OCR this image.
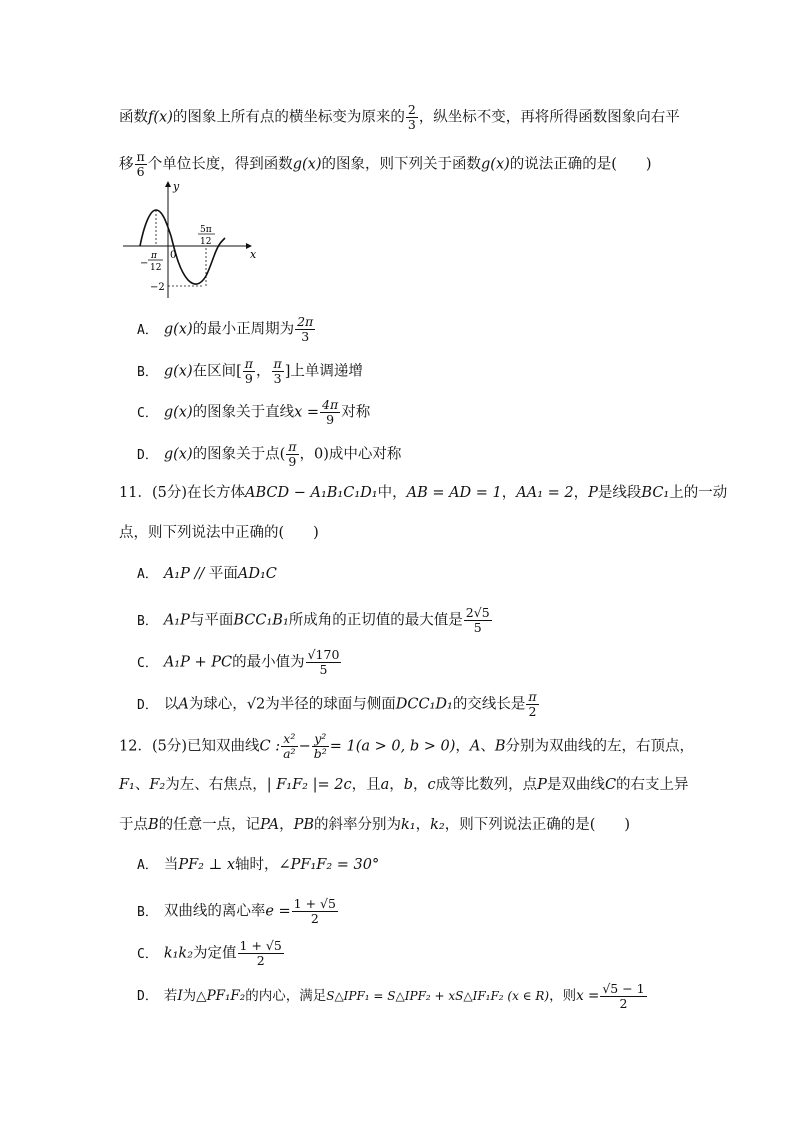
函数f(x)的图象上所有点的横坐标变为原来的 $\frac{2}{3}$ ，纵坐标不变，再将所得函数图象向右平
移 $\frac{\pi}{6}$ 个单位长度，得到函数g(x)的图象，则下列关于函数g(x)的说法正确的是(　　)
y
x
0
−
π
12
5π
12
−2
A． g(x)的最小正周期为 $\frac{2\pi}{3}$
B． g(x)在区间[ $\frac{\pi}{9}$ ， $\frac{\pi}{3}$ ]上单调递增
C． g(x)的图象关于直线$x = \frac{4\pi}{9}$ 对称
D． g(x)的图象关于点( $\frac{\pi}{9}$ ，0)成中心对称
11．(5分)在长方体ABCD − A₁B₁C₁D₁中，AB = AD = 1，AA₁ = 2，P是线段BC₁上的一动
点，则下列说法中正确的(　　)
A． A₁P // 平面AD₁C
B． A₁P与平面BCC₁B₁所成角的正切值的最大值是 $\frac{2√5}{5}$
C． A₁P + PC的最小值为 $\frac{√170}{5}$
D． 以A为球心，√2为半径的球面与侧面DCC₁D₁的交线长是 $\frac{\pi}{2}$
12．(5分)已知双曲线C : $\frac{\text{x²}}{\text{a²}} - \frac{\text{y²}}{\text{b²}} = 1(a > 0$, b > 0)，A、B分别为双曲线的左，右顶点，
F₁、F₂为左、右焦点，| F₁F₂ |= 2c，且a，b，c成等比数列，点P是双曲线C的右支上异
于点B的任意一点，记PA，PB的斜率分别为k₁，k₂，则下列说法正确的是(　　)
A． 当PF₂ ⊥ x轴时，∠PF₁F₂ = 30°
B． 双曲线的离心率$e = \frac{1 + √5}{2}$
C． k₁k₂为定值 $\frac{1 + √5}{2}$
D． 若I为△PF₁F₂的内心，满足S△IPF₁ = S△IPF₂ + xS△IF₁F₂ (x ∈ R)，则$x = \frac{√5 - 1}{2}$
